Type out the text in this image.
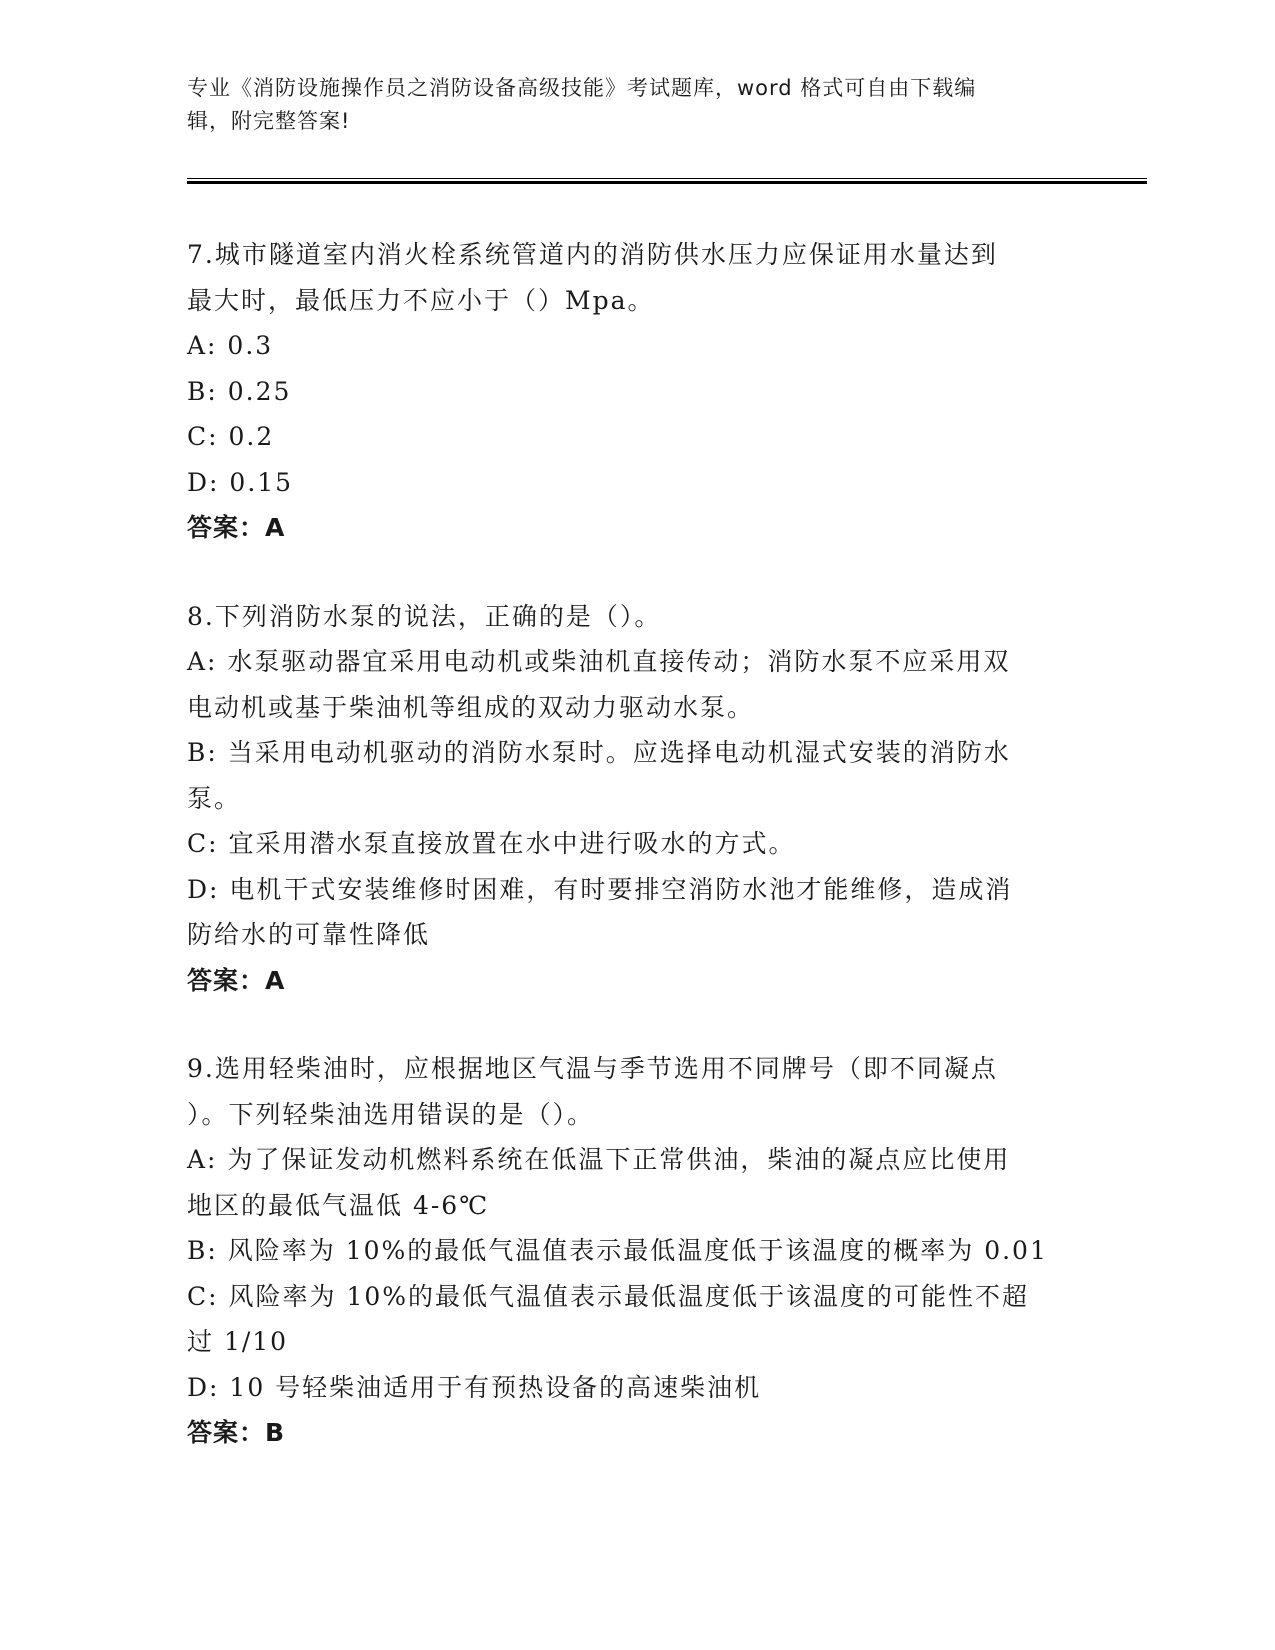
专业《消防设施操作员之消防设备高级技能》考试题库，word 格式可自由下载编
辑，附完整答案!

7.城市隧道室内消火栓系统管道内的消防供水压力应保证用水量达到
最大时，最低压力不应小于（）Mpa。

A: 0.3

B: 0.25

C: 0.2

D: 0.15

答案：A

8.下列消防水泵的说法，正确的是（）。

A: 水泵驱动器宜采用电动机或柴油机直接传动；消防水泵不应采用双
电动机或基于柴油机等组成的双动力驱动水泵。

B: 当采用电动机驱动的消防水泵时。应选择电动机湿式安装的消防水
泵。

C: 宜采用潜水泵直接放置在水中进行吸水的方式。

D: 电机干式安装维修时困难，有时要排空消防水池才能维修，造成消
防给水的可靠性降低

答案：A

9.选用轻柴油时，应根据地区气温与季节选用不同牌号（即不同凝点
）。下列轻柴油选用错误的是（）。

A: 为了保证发动机燃料系统在低温下正常供油，柴油的凝点应比使用
地区的最低气温低 4-6℃

B: 风险率为 10%的最低气温值表示最低温度低于该温度的概率为 0.01

C: 风险率为 10%的最低气温值表示最低温度低于该温度的可能性不超
过 1/10

D: 10 号轻柴油适用于有预热设备的高速柴油机

答案：B
